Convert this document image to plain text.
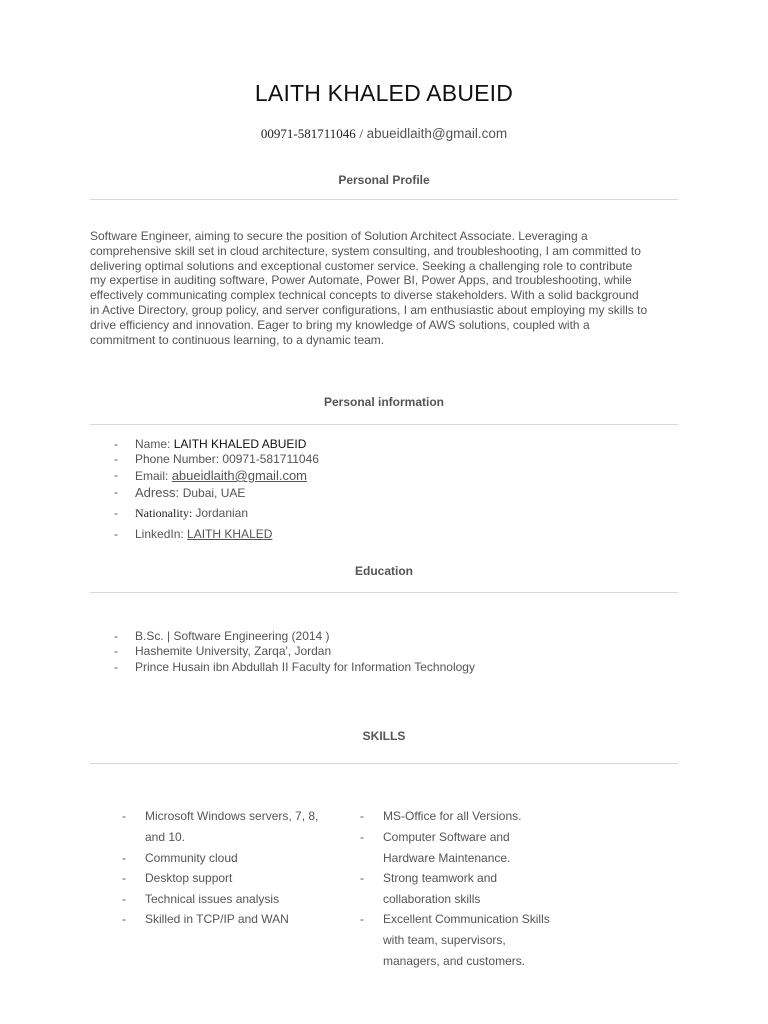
LAITH KHALED ABUEID
00971-581711046 / abueidlaith@gmail.com
Personal Profile
Software Engineer, aiming to secure the position of Solution Architect Associate. Leveraging a
comprehensive skill set in cloud architecture, system consulting, and troubleshooting, I am committed to
delivering optimal solutions and exceptional customer service. Seeking a challenging role to contribute
my expertise in auditing software, Power Automate, Power BI, Power Apps, and troubleshooting, while
effectively communicating complex technical concepts to diverse stakeholders. With a solid background
in Active Directory, group policy, and server configurations, I am enthusiastic about employing my skills to
drive efficiency and innovation. Eager to bring my knowledge of AWS solutions, coupled with a
commitment to continuous learning, to a dynamic team.
Personal information
- Name: LAITH KHALED ABUEID
- Phone Number: 00971-581711046
- Email: abueidlaith@gmail.com
- Adress: Dubai, UAE
- Nationality: Jordanian
- LinkedIn: LAITH KHALED
Education
- B.Sc. | Software Engineering (2014 )
- Hashemite University, Zarqa', Jordan
- Prince Husain ibn Abdullah II Faculty for Information Technology
SKILLS
- Microsoft Windows servers, 7, 8,
and 10.
- Community cloud
- Desktop support
- Technical issues analysis
- Skilled in TCP/IP and WAN
- MS-Office for all Versions.
- Computer Software and
Hardware Maintenance.
- Strong teamwork and
collaboration skills
- Excellent Communication Skills
with team, supervisors,
managers, and customers.
